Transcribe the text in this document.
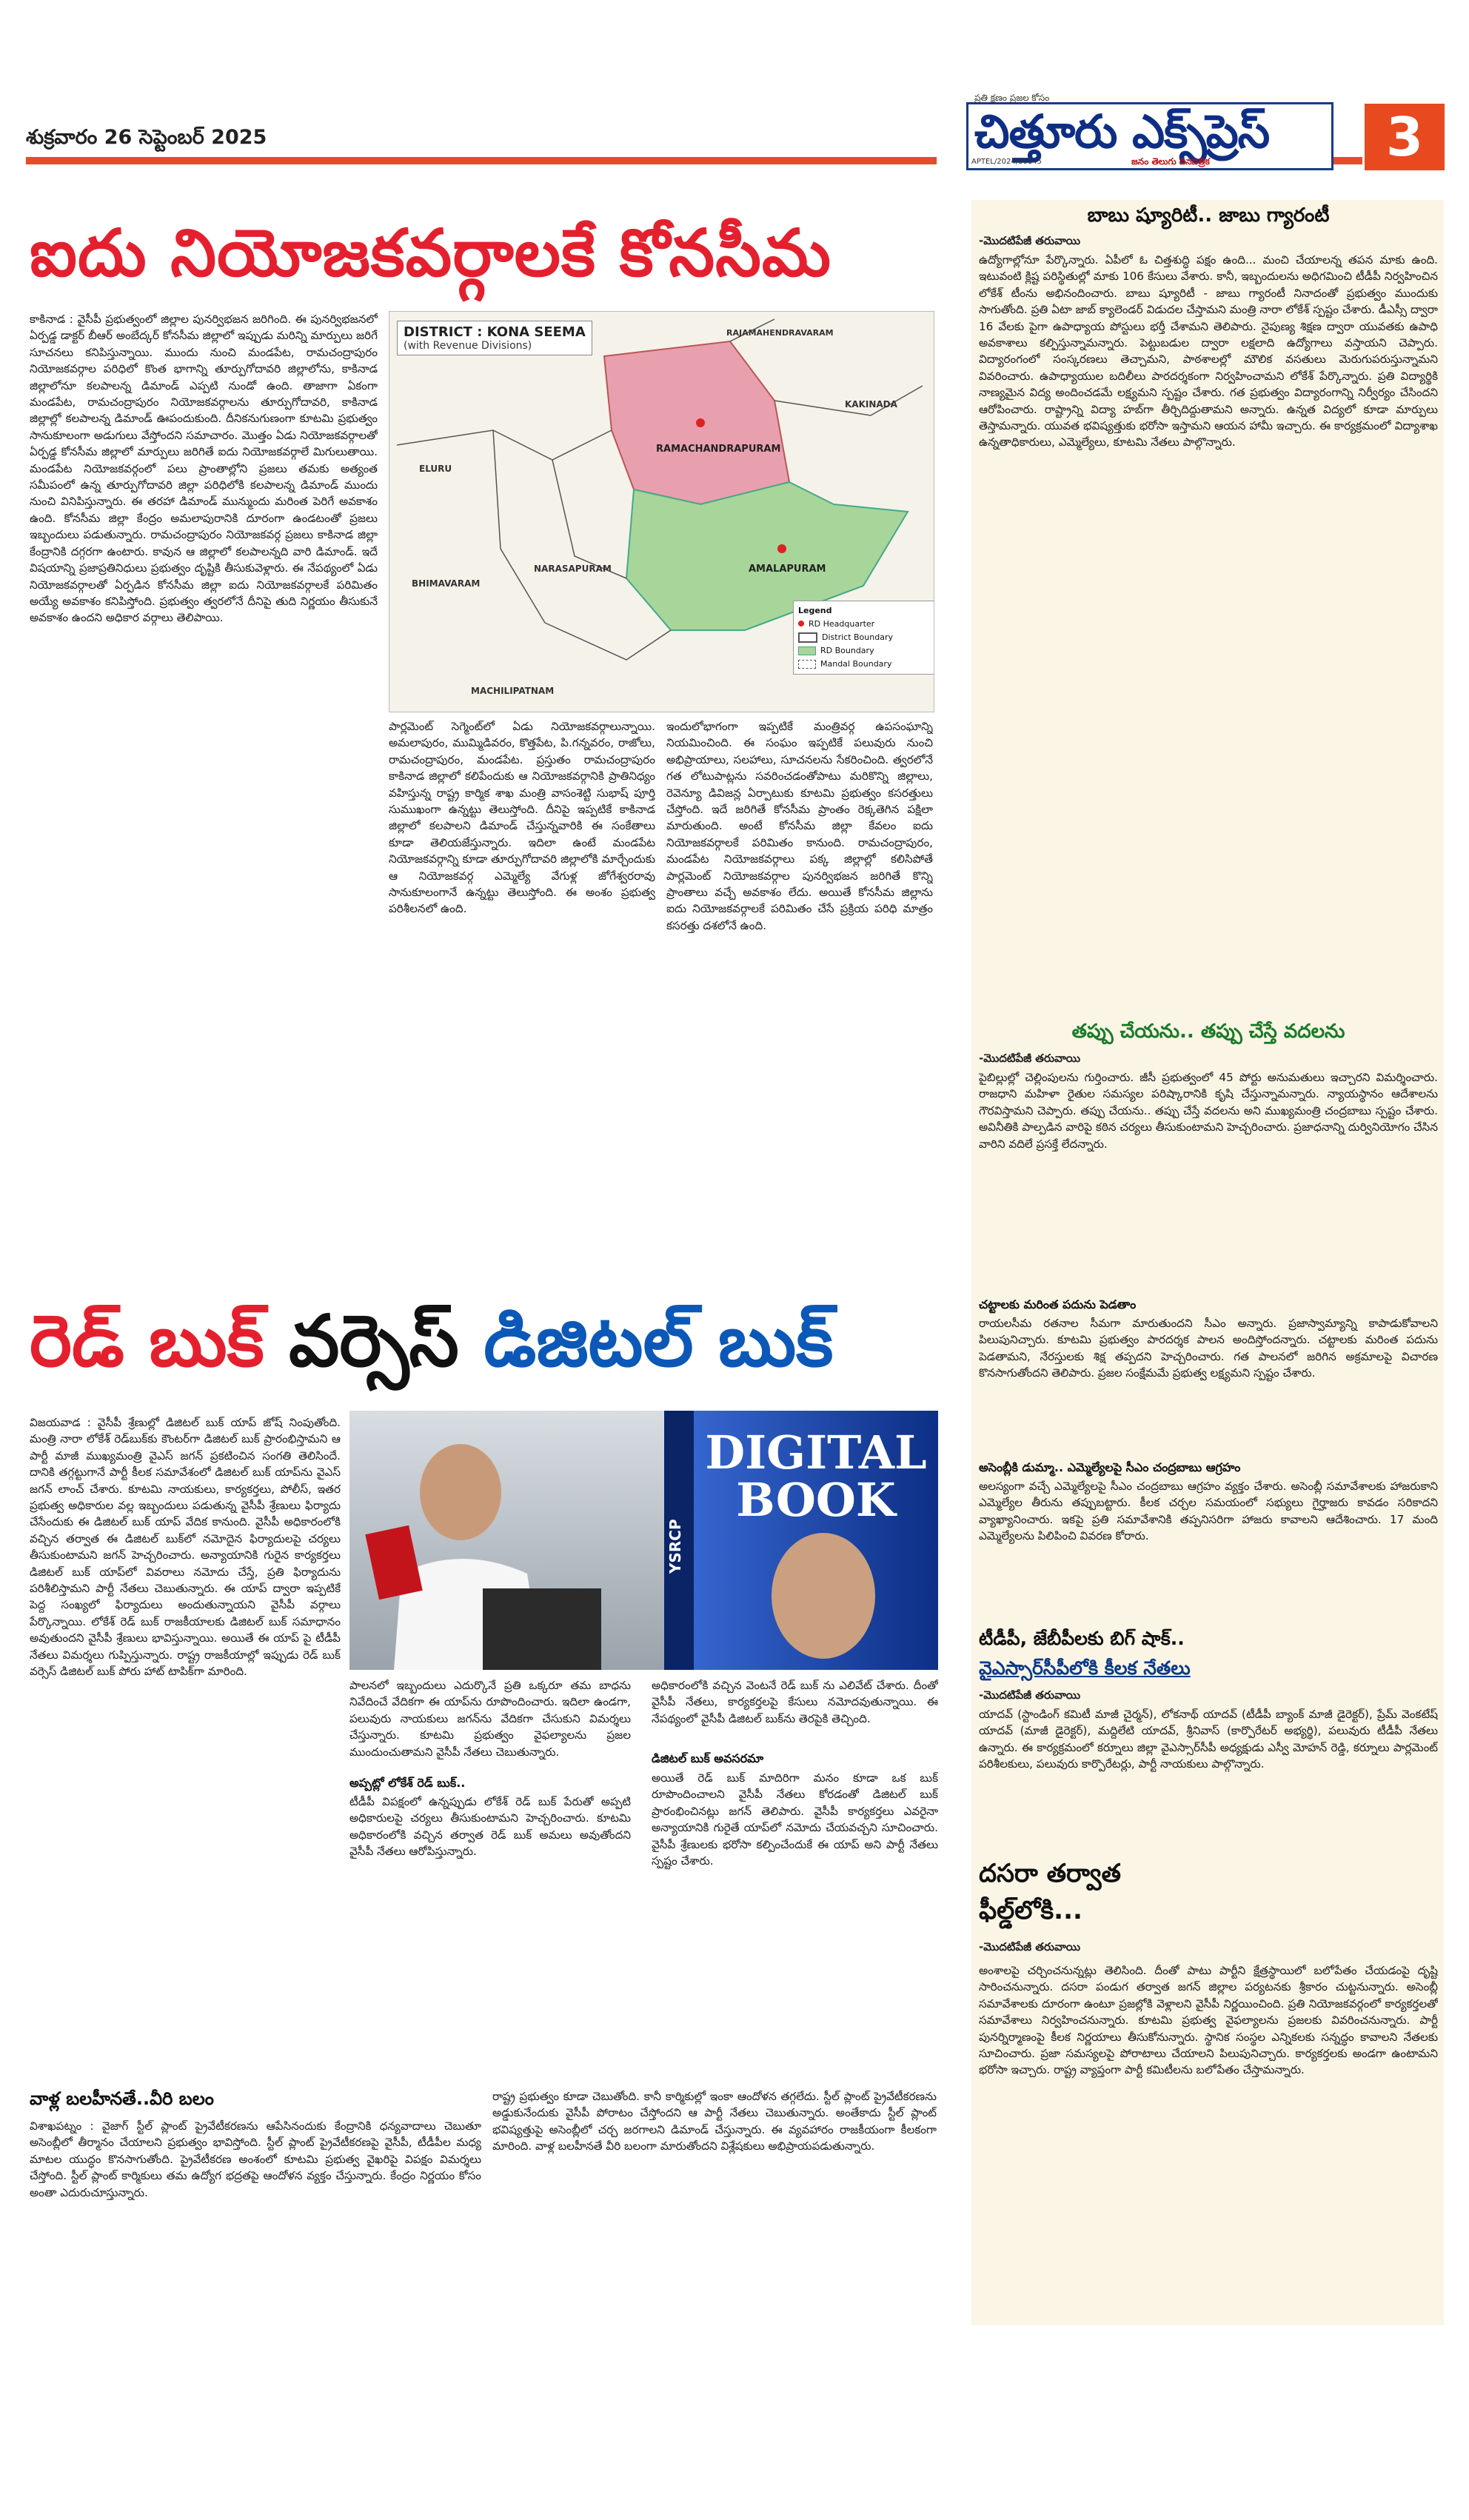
శుక్రవారం 26 సెప్టెంబర్ 2025
ప్రతి క్షణం ప్రజల కోసం
చిత్తూరు ఎక్స్‌ప్రెస్
APTEL/2024/86145	జనం తెలుగు దినపత్రిక	3
ఐదు నియోజకవర్గాలకే కోనసీమ
కాకినాడ : వైసీపీ ప్రభుత్వంలో జిల్లాల పునర్విభజన జరిగింది. ఈ పునర్విభజనలో ఏర్పడ్డ డాక్టర్ బీఆర్ అంబేద్కర్ కోనసీమ జిల్లాలో ఇప్పుడు మరిన్ని మార్పులు జరిగే సూచనలు కనిపిస్తున్నాయి. ముందు నుంచి మండపేట, రామచంద్రాపురం నియోజకవర్గాల పరిధిలో కొంత భాగాన్ని తూర్పుగోదావరి జిల్లాలోను, కాకినాడ జిల్లాలోనూ కలపాలన్న డిమాండ్ ఎప్పటి నుండో ఉంది. తాజాగా ఏకంగా మండపేట, రామచంద్రాపురం నియోజకవర్గాలను తూర్పుగోదావరి, కాకినాడ జిల్లాల్లో కలపాలన్న డిమాండ్ ఊపందుకుంది. దీనికనుగుణంగా కూటమి ప్రభుత్వం సానుకూలంగా అడుగులు వేస్తోందని సమాచారం. మొత్తం ఏడు నియోజకవర్గాలతో ఏర్పడ్డ కోనసీమ జిల్లాలో మార్పులు జరిగితే ఐదు నియోజకవర్గాలే మిగులుతాయి. మండపేట నియోజకవర్గంలో పలు ప్రాంతాల్లోని ప్రజలు తమకు అత్యంత సమీపంలో ఉన్న తూర్పుగోదావరి జిల్లా పరిధిలోకి కలపాలన్న డిమాండ్ ముందు నుంచి వినిపిస్తున్నారు. ఈ తరహా డిమాండ్ మున్ముందు మరింత పెరిగే అవకాశం ఉంది. కోనసీమ జిల్లా కేంద్రం అమలాపురానికి దూరంగా ఉండటంతో ప్రజలు ఇబ్బందులు పడుతున్నారు. రామచంద్రాపురం నియోజకవర్గ ప్రజలు కాకినాడ జిల్లా కేంద్రానికి దగ్గరగా ఉంటారు. కావున ఆ జిల్లాలో కలపాలన్నది వారి డిమాండ్. ఇదే విషయాన్ని ప్రజాప్రతినిధులు ప్రభుత్వం దృష్టికి తీసుకువెళ్లారు. ఈ నేపథ్యంలో ఏడు నియోజకవర్గాలతో ఏర్పడిన కోనసీమ జిల్లా ఐదు నియోజకవర్గాలకే పరిమితం అయ్యే అవకాశం కనిపిస్తోంది. ప్రభుత్వం త్వరలోనే దీనిపై తుది నిర్ణయం తీసుకునే అవకాశం ఉందని అధికార వర్గాలు తెలిపాయి.
DISTRICT : KONA SEEMA
(with Revenue Divisions)
RAJAMAHENDRAVARAM
KAKINADA
RAMACHANDRAPURAM
ELURU
AMALAPURAM
BHIMAVARAM
NARASAPURAM
MACHILIPATNAM
Legend
RD Headquarter
District Boundary
RD Boundary
Mandal Boundary
పార్లమెంట్ సెగ్మెంట్‌లో ఏడు నియోజకవర్గాలున్నాయి. అమలాపురం, ముమ్మిడివరం, కొత్తపేట, పి.గన్నవరం, రాజోలు, రామచంద్రాపురం, మండపేట. ప్రస్తుతం రామచంద్రాపురం కాకినాడ జిల్లాలో కలిపేందుకు ఆ నియోజకవర్గానికి ప్రాతినిధ్యం వహిస్తున్న రాష్ట్ర కార్మిక శాఖ మంత్రి వాసంశెట్టి సుభాష్ పూర్తి సుముఖంగా ఉన్నట్టు తెలుస్తోంది. దీనిపై ఇప్పటికే కాకినాడ జిల్లాలో కలపాలని డిమాండ్ చేస్తున్నవారికి ఈ సంకేతాలు కూడా తెలియజేస్తున్నారు. ఇదిలా ఉంటే మండపేట నియోజకవర్గాన్ని కూడా తూర్పుగోదావరి జిల్లాలోకి మార్చేందుకు ఆ నియోజకవర్గ ఎమ్మెల్యే వేగుళ్ల జోగేశ్వరరావు సానుకూలంగానే ఉన్నట్టు తెలుస్తోంది. ఈ అంశం ప్రభుత్వ పరిశీలనలో ఉంది.
ఇందులోభాగంగా ఇప్పటికే మంత్రివర్గ ఉపసంఘాన్ని నియమించింది. ఈ సంఘం ఇప్పటికే పలువురు నుంచి అభిప్రాయాలు, సలహాలు, సూచనలను సేకరించింది. త్వరలోనే గత లోటుపాట్లను సవరించడంతోపాటు మరికొన్ని జిల్లాలు, రెవెన్యూ డివిజన్ల ఏర్పాటుకు కూటమి ప్రభుత్వం కసరత్తులు చేస్తోంది. ఇదే జరిగితే కోనసీమ ప్రాంతం రెక్కతెగిన పక్షిలా మారుతుంది. అంటే కోనసీమ జిల్లా కేవలం ఐదు నియోజకవర్గాలకే పరిమితం కానుంది. రామచంద్రాపురం, మండపేట నియోజకవర్గాలు పక్క జిల్లాల్లో కలిసిపోతే పార్లమెంట్ నియోజకవర్గాల పునర్విభజన జరిగితే కొన్ని ప్రాంతాలు వచ్చే అవకాశం లేదు. అయితే కోనసీమ జిల్లాను ఐదు నియోజకవర్గాలకే పరిమితం చేసే ప్రక్రియ పరిధి మాత్రం కసరత్తు దశలోనే ఉంది.
రెడ్ బుక్ వర్సెస్ డిజిటల్ బుక్
విజయవాడ : వైసీపీ శ్రేణుల్లో డిజిటల్ బుక్ యాప్ జోష్ నింపుతోంది. మంత్రి నారా లోకేశ్ రెడ్‌బుక్‌కు కౌంటర్‌గా డిజిటల్ బుక్ ప్రారంభిస్తామని ఆ పార్టీ మాజీ ముఖ్యమంత్రి వైఎస్ జగన్ ప్రకటించిన సంగతి తెలిసిందే. దానికి తగ్గట్టుగానే పార్టీ కీలక సమావేశంలో డిజిటల్ బుక్ యాప్‌ను వైఎస్ జగన్ లాంచ్ చేశారు. కూటమి నాయకులు, కార్యకర్తలు, పోలీస్, ఇతర ప్రభుత్వ అధికారుల వల్ల ఇబ్బందులు పడుతున్న వైసీపీ శ్రేణులు ఫిర్యాదు చేసేందుకు ఈ డిజిటల్ బుక్ యాప్ వేదిక కానుంది. వైసీపీ అధికారంలోకి వచ్చిన తర్వాత ఈ డిజిటల్ బుక్‌లో నమోదైన ఫిర్యాదులపై చర్యలు తీసుకుంటామని జగన్ హెచ్చరించారు. అన్యాయానికి గురైన కార్యకర్తలు డిజిటల్ బుక్ యాప్‌లో వివరాలు నమోదు చేస్తే, ప్రతి ఫిర్యాదును పరిశీలిస్తామని పార్టీ నేతలు చెబుతున్నారు. ఈ యాప్ ద్వారా ఇప్పటికే పెద్ద సంఖ్యలో ఫిర్యాదులు అందుతున్నాయని వైసీపీ వర్గాలు పేర్కొన్నాయి. లోకేశ్ రెడ్ బుక్ రాజకీయాలకు డిజిటల్ బుక్ సమాధానం అవుతుందని వైసీపీ శ్రేణులు భావిస్తున్నాయి. అయితే ఈ యాప్ పై టీడీపీ నేతలు విమర్శలు గుప్పిస్తున్నారు. రాష్ట్ర రాజకీయాల్లో ఇప్పుడు రెడ్ బుక్ వర్సెస్ డిజిటల్ బుక్ పోరు హాట్ టాపిక్‌గా మారింది.
DIGITAL BOOK
YSRCP
పాలనలో ఇబ్బందులు ఎదుర్కొనే ప్రతి ఒక్కరూ తమ బాధను నివేదించే వేదికగా ఈ యాప్‌ను రూపొందించారు. ఇదిలా ఉండగా, పలువురు నాయకులు జగన్‌ను వేదికగా చేసుకుని విమర్శలు చేస్తున్నారు. కూటమి ప్రభుత్వం వైఫల్యాలను ప్రజల ముందుంచుతామని వైసీపీ నేతలు చెబుతున్నారు.
అప్పట్లో లోకేశ్ రెడ్ బుక్..
టీడీపీ విపక్షంలో ఉన్నప్పుడు లోకేశ్ రెడ్ బుక్ పేరుతో అప్పటి అధికారులపై చర్యలు తీసుకుంటామని హెచ్చరించారు. కూటమి అధికారంలోకి వచ్చిన తర్వాత రెడ్ బుక్ అమలు అవుతోందని వైసీపీ నేతలు ఆరోపిస్తున్నారు.
అధికారంలోకి వచ్చిన వెంటనే రెడ్ బుక్ ను ఎలివేట్ చేశారు. దీంతో వైసీపీ నేతలు, కార్యకర్తలపై కేసులు నమోదవుతున్నాయి. ఈ నేపథ్యంలో వైసీపీ డిజిటల్ బుక్‌ను తెరపైకి తెచ్చింది.
డిజిటల్ బుక్ అవసరమా
అయితే రెడ్ బుక్ మాదిరిగా మనం కూడా ఒక బుక్ రూపొందించాలని వైసీపీ నేతలు కోరడంతో డిజిటల్ బుక్ ప్రారంభించినట్లు జగన్ తెలిపారు. వైసీపీ కార్యకర్తలు ఎవరైనా అన్యాయానికి గురైతే యాప్‌లో నమోదు చేయవచ్చని సూచించారు. వైసీపీ శ్రేణులకు భరోసా కల్పించేందుకే ఈ యాప్ అని పార్టీ నేతలు స్పష్టం చేశారు.
వాళ్ల బలహీనతే..వీరి బలం
విశాఖపట్నం : వైజాగ్ స్టీల్ ప్లాంట్ ప్రైవేటీకరణను ఆపేసినందుకు కేంద్రానికి ధన్యవాదాలు చెబుతూ అసెంబ్లీలో తీర్మానం చేయాలని ప్రభుత్వం భావిస్తోంది. స్టీల్ ప్లాంట్ ప్రైవేటీకరణపై వైసీపీ, టీడీపీల మధ్య మాటల యుద్ధం కొనసాగుతోంది. ప్రైవేటీకరణ అంశంలో కూటమి ప్రభుత్వ వైఖరిపై విపక్షం విమర్శలు చేస్తోంది. స్టీల్ ప్లాంట్ కార్మికులు తమ ఉద్యోగ భద్రతపై ఆందోళన వ్యక్తం చేస్తున్నారు. కేంద్రం నిర్ణయం కోసం అంతా ఎదురుచూస్తున్నారు.
రాష్ట్ర ప్రభుత్వం కూడా చెబుతోంది. కానీ కార్మికుల్లో ఇంకా ఆందోళన తగ్గలేదు. స్టీల్ ప్లాంట్ ప్రైవేటీకరణను అడ్డుకునేందుకు వైసీపీ పోరాటం చేస్తోందని ఆ పార్టీ నేతలు చెబుతున్నారు. అంతేకాదు స్టీల్ ప్లాంట్ భవిష్యత్తుపై అసెంబ్లీలో చర్చ జరగాలని డిమాండ్ చేస్తున్నారు. ఈ వ్యవహారం రాజకీయంగా కీలకంగా మారింది. వాళ్ల బలహీనతే వీరి బలంగా మారుతోందని విశ్లేషకులు అభిప్రాయపడుతున్నారు.
బాబు ష్యూరిటీ.. జాబు గ్యారంటీ
-మొదటిపేజీ తరువాయి
ఉద్యోగాల్లోనూ పేర్కొన్నారు. ఏపీలో ఓ చిత్తశుద్ధి పక్షం ఉంది... మంచి చేయాలన్న తపన మాకు ఉంది. ఇటువంటి క్లిష్ట పరిస్థితుల్లో మాకు 106 కేసులు వేశారు. కానీ, ఇబ్బందులను అధిగమించి టీడీపీ నిర్వహించిన లోకేశ్ టీంను అభినందించారు. బాబు ష్యూరిటీ - జాబు గ్యారంటీ నినాదంతో ప్రభుత్వం ముందుకు సాగుతోంది. ప్రతి ఏటా జాబ్ క్యాలెండర్ విడుదల చేస్తామని మంత్రి నారా లోకేశ్ స్పష్టం చేశారు. డీఎస్సీ ద్వారా 16 వేలకు పైగా ఉపాధ్యాయ పోస్టులు భర్తీ చేశామని తెలిపారు. నైపుణ్య శిక్షణ ద్వారా యువతకు ఉపాధి అవకాశాలు కల్పిస్తున్నామన్నారు. పెట్టుబడుల ద్వారా లక్షలాది ఉద్యోగాలు వస్తాయని చెప్పారు. విద్యారంగంలో సంస్కరణలు తెచ్చామని, పాఠశాలల్లో మౌలిక వసతులు మెరుగుపరుస్తున్నామని వివరించారు. ఉపాధ్యాయుల బదిలీలు పారదర్శకంగా నిర్వహించామని లోకేశ్ పేర్కొన్నారు. ప్రతి విద్యార్థికి నాణ్యమైన విద్య అందించడమే లక్ష్యమని స్పష్టం చేశారు. గత ప్రభుత్వం విద్యారంగాన్ని నిర్వీర్యం చేసిందని ఆరోపించారు. రాష్ట్రాన్ని విద్యా హబ్‌గా తీర్చిదిద్దుతామని అన్నారు. ఉన్నత విద్యలో కూడా మార్పులు తెస్తామన్నారు. యువత భవిష్యత్తుకు భరోసా ఇస్తామని ఆయన హామీ ఇచ్చారు. ఈ కార్యక్రమంలో విద్యాశాఖ ఉన్నతాధికారులు, ఎమ్మెల్యేలు, కూటమి నేతలు పాల్గొన్నారు.
తప్పు చేయను.. తప్పు చేస్తే వదలను
-మొదటిపేజీ తరువాయి
పైబిల్లుల్లో చెల్లింపులను గుర్తించారు. జీసీ ప్రభుత్వంలో 45 పోర్టు అనుమతులు ఇచ్చారని విమర్శించారు. రాజధాని మహిళా రైతుల సమస్యల పరిష్కారానికి కృషి చేస్తున్నామన్నారు. న్యాయస్థానం ఆదేశాలను గౌరవిస్తామని చెప్పారు. తప్పు చేయను.. తప్పు చేస్తే వదలను అని ముఖ్యమంత్రి చంద్రబాబు స్పష్టం చేశారు. అవినీతికి పాల్పడిన వారిపై కఠిన చర్యలు తీసుకుంటామని హెచ్చరించారు. ప్రజాధనాన్ని దుర్వినియోగం చేసిన వారిని వదిలే ప్రసక్తే లేదన్నారు.
చట్టాలకు మరింత పదును పెడతాం
రాయలసీమ రతనాల సీమగా మారుతుందని సీఎం అన్నారు. ప్రజాస్వామ్యాన్ని కాపాడుకోవాలని పిలుపునిచ్చారు. కూటమి ప్రభుత్వం పారదర్శక పాలన అందిస్తోందన్నారు. చట్టాలకు మరింత పదును పెడతామని, నేరస్తులకు శిక్ష తప్పదని హెచ్చరించారు. గత పాలనలో జరిగిన అక్రమాలపై విచారణ కొనసాగుతోందని తెలిపారు. ప్రజల సంక్షేమమే ప్రభుత్వ లక్ష్యమని స్పష్టం చేశారు.
అసెంబ్లీకి డుమ్మా.. ఎమ్మెల్యేలపై సీఎం చంద్రబాబు ఆగ్రహం
అలస్యంగా వచ్చే ఎమ్మెల్యేలపై సీఎం చంద్రబాబు ఆగ్రహం వ్యక్తం చేశారు. అసెంబ్లీ సమావేశాలకు హాజరుకాని ఎమ్మెల్యేల తీరును తప్పుబట్టారు. కీలక చర్చల సమయంలో సభ్యులు గైర్హాజరు కావడం సరికాదని వ్యాఖ్యానించారు. ఇకపై ప్రతి సమావేశానికి తప్పనిసరిగా హాజరు కావాలని ఆదేశించారు. 17 మంది ఎమ్మెల్యేలను పిలిపించి వివరణ కోరారు.
టీడీపీ, జేబీపీలకు బిగ్ షాక్..
వైఎస్సార్‌సీపీలోకి కీలక నేతలు
-మొదటిపేజీ తరువాయి
యాదవ్ (స్టాండింగ్ కమిటీ మాజీ చైర్మన్), లోకనాథ్ యాదవ్ (టీడీపీ బ్యాంక్ మాజీ డైరెక్టర్), ప్రేమ్ వెంకటేష్ యాదవ్ (మాజీ డైరెక్టర్), మద్దిలేటి యాదవ్, శ్రీనివాస్ (కార్పొరేటర్ అభ్యర్థి), పలువురు టీడీపీ నేతలు ఉన్నారు. ఈ కార్యక్రమంలో కర్నూలు జిల్లా వైఎస్సార్‌సీపీ అధ్యక్షుడు ఎస్వీ మోహన్ రెడ్డి, కర్నూలు పార్లమెంట్ పరిశీలకులు, పలువురు కార్పొరేటర్లు, పార్టీ నాయకులు పాల్గొన్నారు.
దసరా తర్వాత
ఫీల్డ్‌లోకి...
-మొదటిపేజీ తరువాయి
అంశాలపై చర్చించనున్నట్లు తెలిసింది. దీంతో పాటు పార్టీని క్షేత్రస్థాయిలో బలోపేతం చేయడంపై దృష్టి సారించనున్నారు. దసరా పండుగ తర్వాత జగన్ జిల్లాల పర్యటనకు శ్రీకారం చుట్టనున్నారు. అసెంబ్లీ సమావేశాలకు దూరంగా ఉంటూ ప్రజల్లోకి వెళ్లాలని వైసీపీ నిర్ణయించింది. ప్రతి నియోజకవర్గంలో కార్యకర్తలతో సమావేశాలు నిర్వహించనున్నారు. కూటమి ప్రభుత్వ వైఫల్యాలను ప్రజలకు వివరించనున్నారు. పార్టీ పునర్నిర్మాణంపై కీలక నిర్ణయాలు తీసుకోనున్నారు. స్థానిక సంస్థల ఎన్నికలకు సన్నద్ధం కావాలని నేతలకు సూచించారు. ప్రజా సమస్యలపై పోరాటాలు చేయాలని పిలుపునిచ్చారు. కార్యకర్తలకు అండగా ఉంటామని భరోసా ఇచ్చారు. రాష్ట్ర వ్యాప్తంగా పార్టీ కమిటీలను బలోపేతం చేస్తామన్నారు.
